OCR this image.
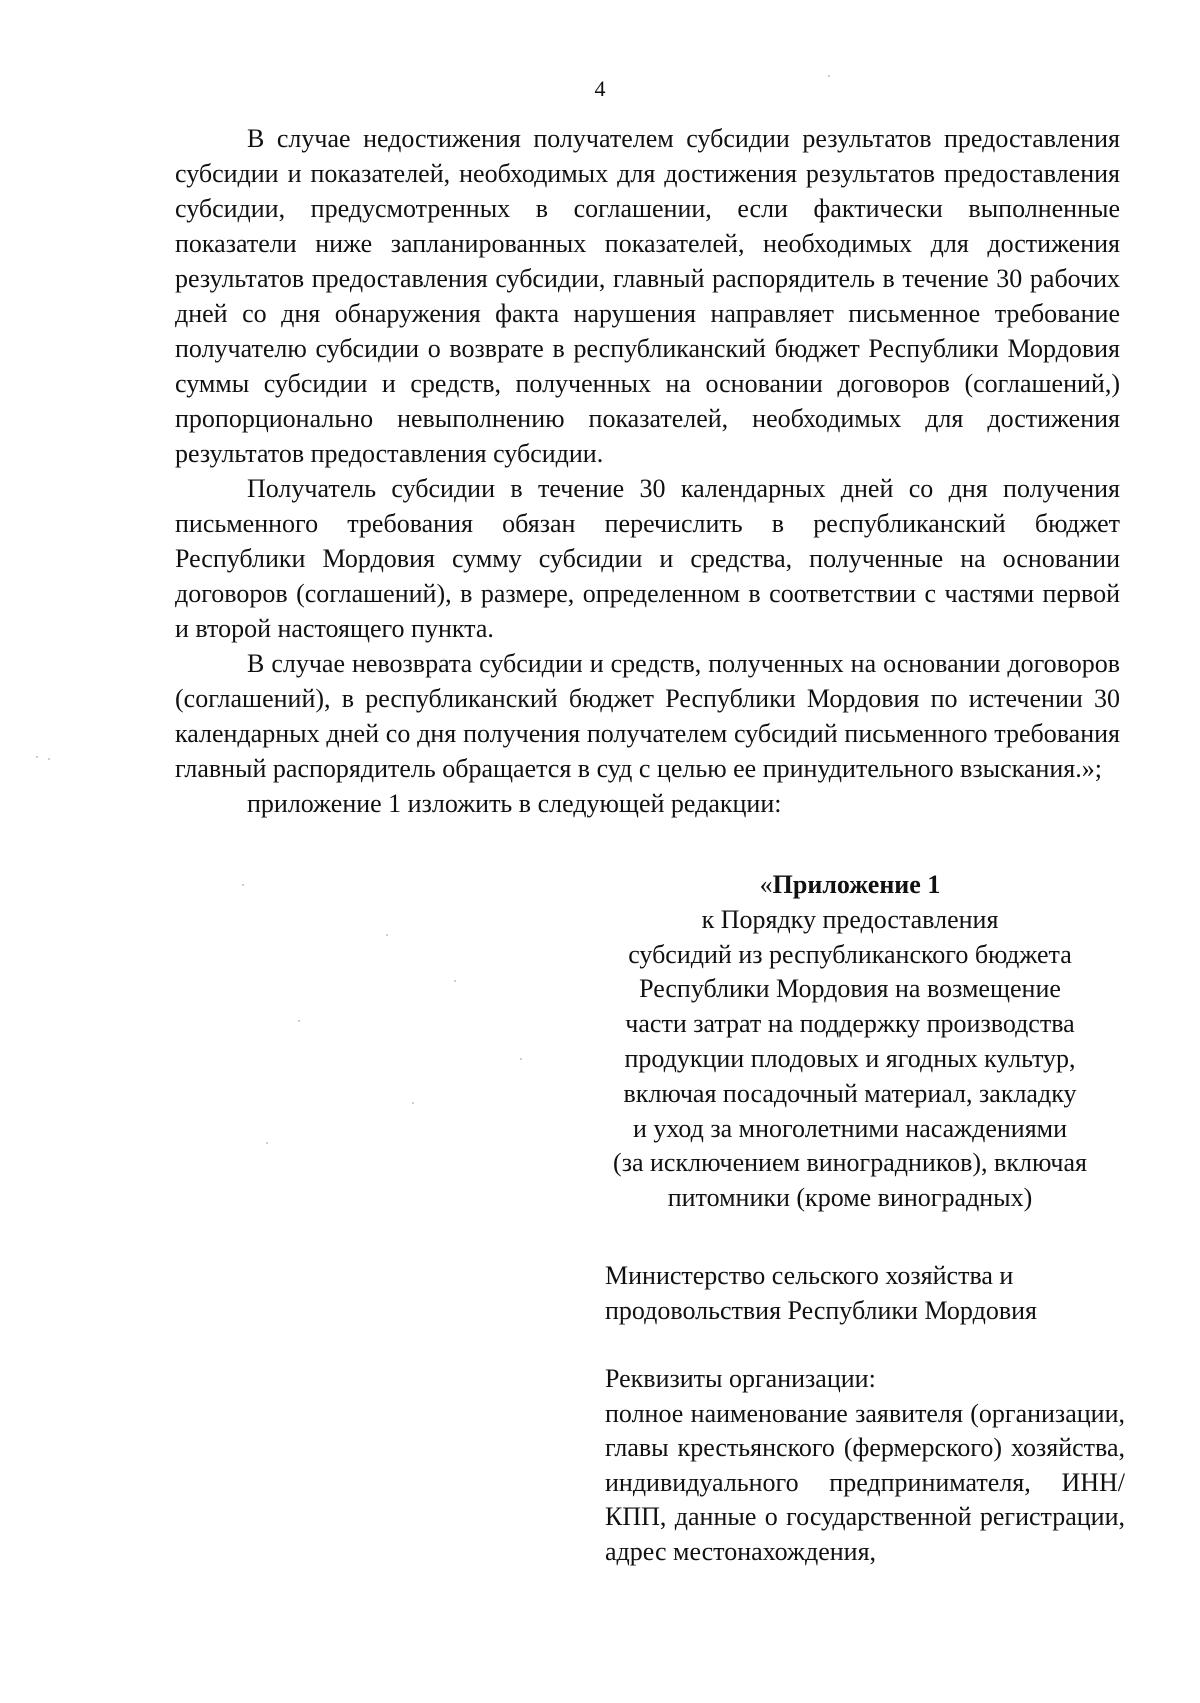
4

В случае недостижения получателем субсидии результатов предоставления субсидии и показателей, необходимых для достижения результатов предоставления субсидии, предусмотренных в соглашении, если фактически выполненные показатели ниже запланированных показателей, необходимых для достижения результатов предоставления субсидии, главный распорядитель в течение 30 рабочих дней со дня обнаружения факта нарушения направляет письменное требование получателю субсидии о возврате в республиканский бюджет Республики Мордовия суммы субсидии и средств, полученных на основании договоров (соглашений,) пропорционально невыполнению показателей, необходимых для достижения результатов предоставления субсидии.

Получатель субсидии в течение 30 календарных дней со дня получения письменного требования обязан перечислить в республиканский бюджет Республики Мордовия сумму субсидии и средства, полученные на основании договоров (соглашений), в размере, определенном в соответствии с частями первой и второй настоящего пункта.

В случае невозврата субсидии и средств, полученных на основании договоров (соглашений), в республиканский бюджет Республики Мордовия по истечении 30 календарных дней со дня получения получателем субсидий письменного требования главный распорядитель обращается в суд с целью ее принудительного взыскания.»;

приложение 1 изложить в следующей редакции:

«Приложение 1
к Порядку предоставления
субсидий из республиканского бюджета
Республики Мордовия на возмещение
части затрат на поддержку производства
продукции плодовых и ягодных культур,
включая посадочный материал, закладку
и уход за многолетними насаждениями
(за исключением виноградников), включая
питомники (кроме виноградных)
Министерство сельского хозяйства и
продовольствия Республики Мордовия
Реквизиты организации:
полное наименование заявителя (организации, главы крестьянского (фермерского) хозяйства, индивидуального предпринимателя, ИНН/КПП, данные о государственной регистрации, адрес местонахождения,
